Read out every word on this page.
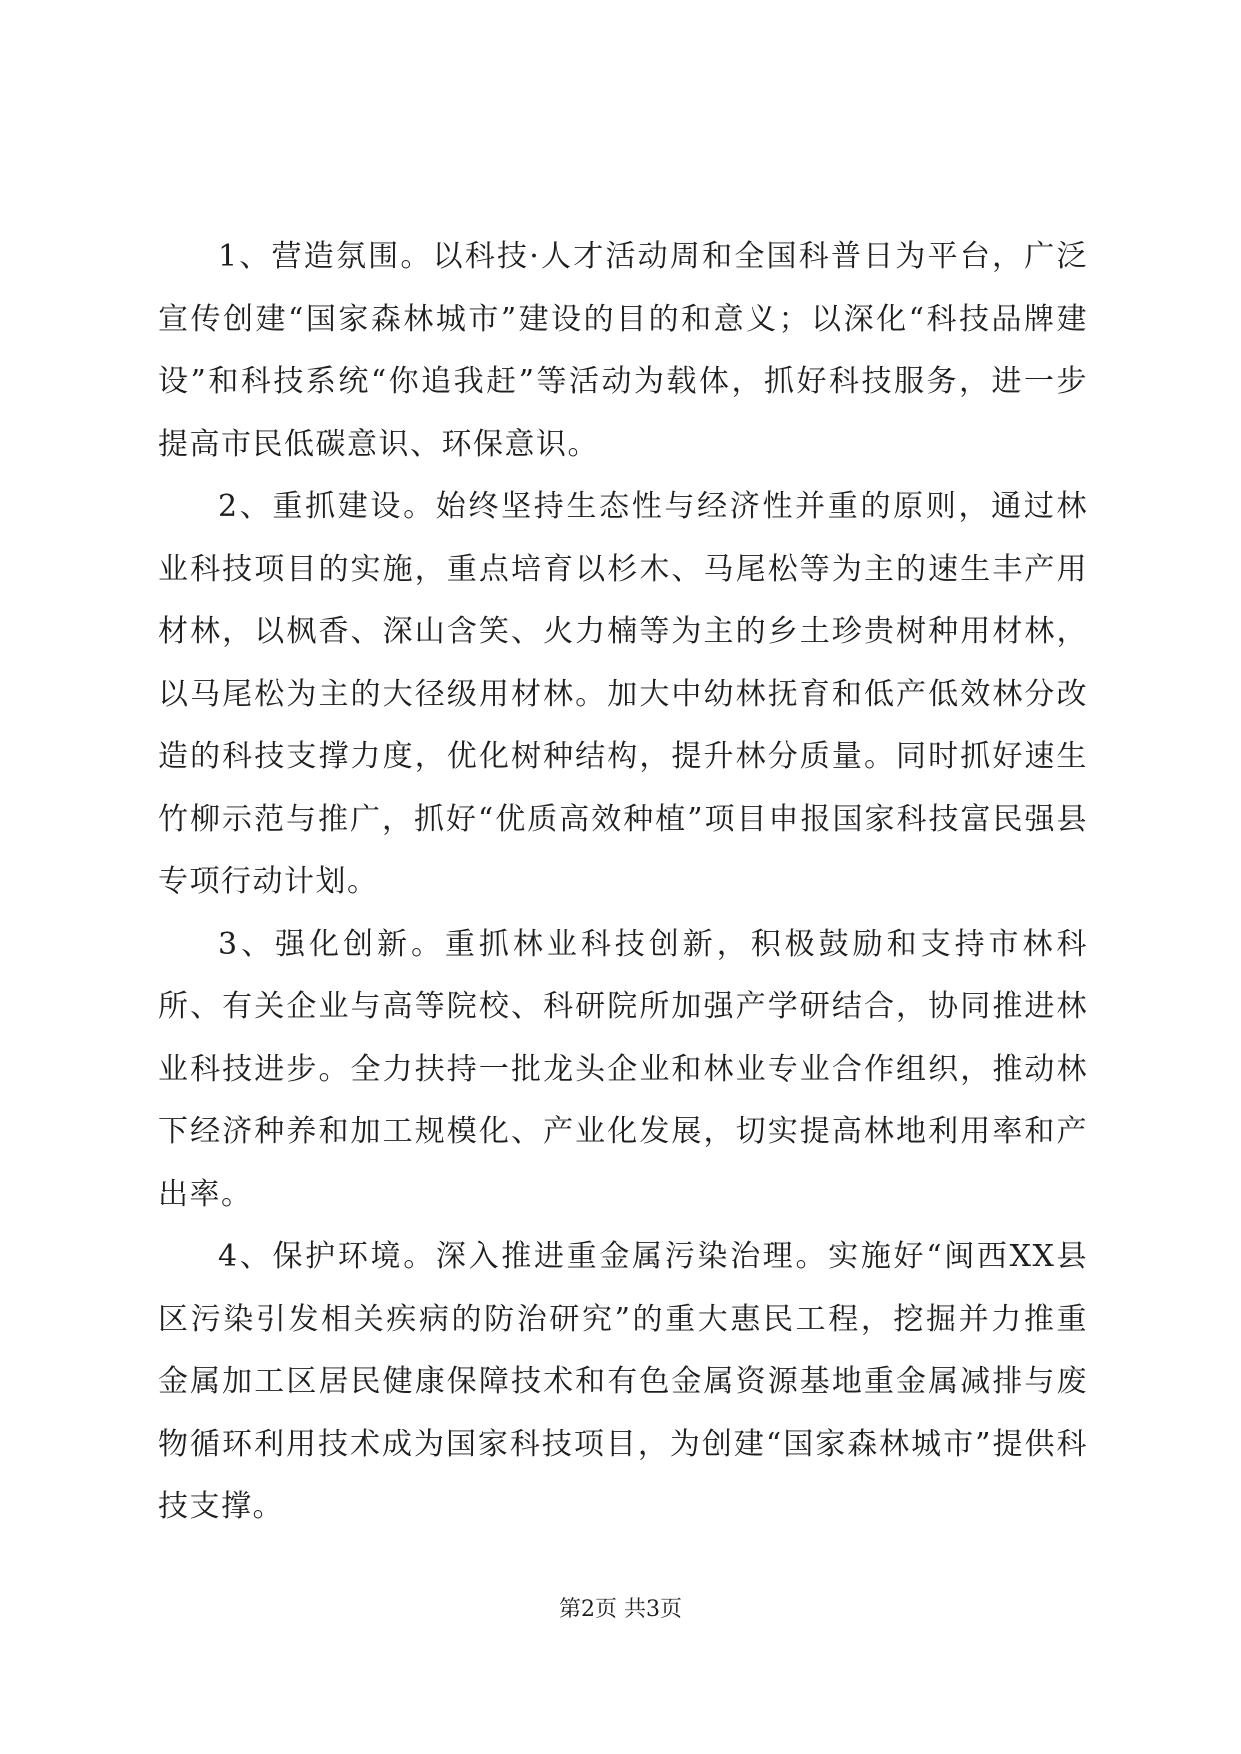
1、营造氛围。以科技·人才活动周和全国科普日为平台，广泛宣传创建“国家森林城市”建设的目的和意义；以深化“科技品牌建设”和科技系统“你追我赶”等活动为载体，抓好科技服务，进一步提高市民低碳意识、环保意识。

2、重抓建设。始终坚持生态性与经济性并重的原则，通过林业科技项目的实施，重点培育以杉木、马尾松等为主的速生丰产用材林，以枫香、深山含笑、火力楠等为主的乡土珍贵树种用材林，以马尾松为主的大径级用材林。加大中幼林抚育和低产低效林分改造的科技支撑力度，优化树种结构，提升林分质量。同时抓好速生竹柳示范与推广，抓好“优质高效种植”项目申报国家科技富民强县专项行动计划。

3、强化创新。重抓林业科技创新，积极鼓励和支持市林科所、有关企业与高等院校、科研院所加强产学研结合，协同推进林业科技进步。全力扶持一批龙头企业和林业专业合作组织，推动林下经济种养和加工规模化、产业化发展，切实提高林地利用率和产出率。

4、保护环境。深入推进重金属污染治理。实施好“闽西XX县区污染引发相关疾病的防治研究”的重大惠民工程，挖掘并力推重金属加工区居民健康保障技术和有色金属资源基地重金属减排与废物循环利用技术成为国家科技项目，为创建“国家森林城市”提供科技支撑。

第2页 共3页
